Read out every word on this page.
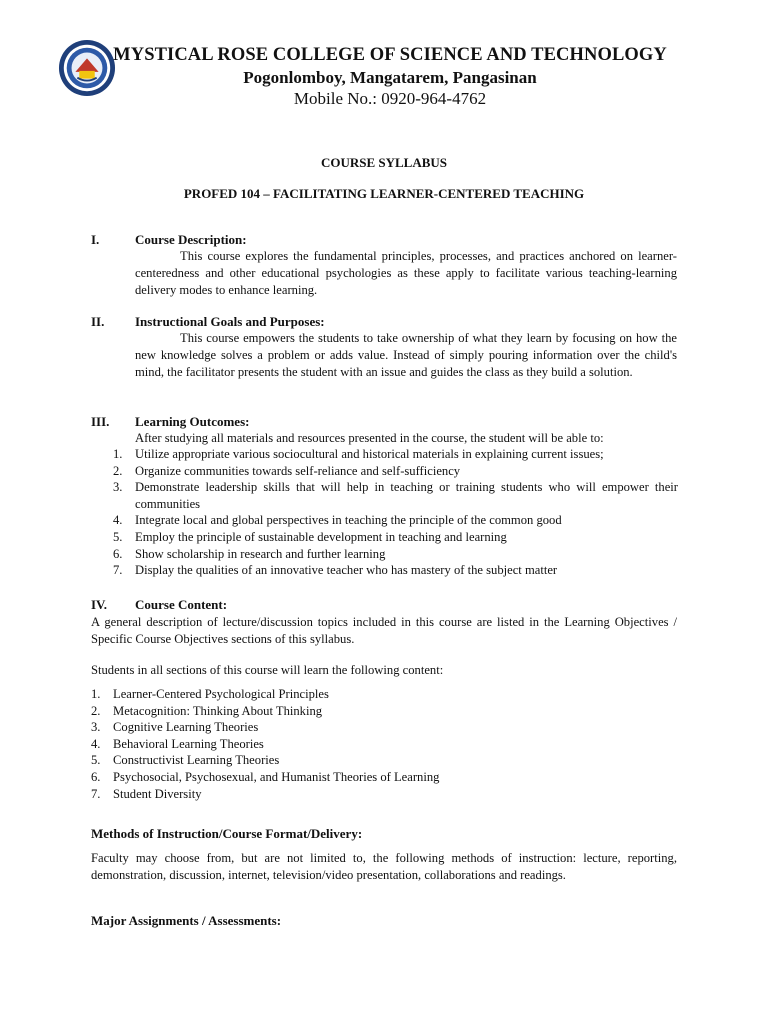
MYSTICAL ROSE COLLEGE OF SCIENCE AND TECHNOLOGY
Pogonlomboy, Mangatarem, Pangasinan
Mobile No.: 0920-964-4762
COURSE SYLLABUS
PROFED 104 – FACILITATING LEARNER-CENTERED TEACHING
I.	Course Description:
This course explores the fundamental principles, processes, and practices anchored on learner-centeredness and other educational psychologies as these apply to facilitate various teaching-learning delivery modes to enhance learning.
II. Instructional Goals and Purposes:
This course empowers the students to take ownership of what they learn by focusing on how the new knowledge solves a problem or adds value. Instead of simply pouring information over the child's mind, the facilitator presents the student with an issue and guides the class as they build a solution.
III. Learning Outcomes:
After studying all materials and resources presented in the course, the student will be able to:
1. Utilize appropriate various sociocultural and historical materials in explaining current issues;
2. Organize communities towards self-reliance and self-sufficiency
3. Demonstrate leadership skills that will help in teaching or training students who will empower their communities
4. Integrate local and global perspectives in teaching the principle of the common good
5. Employ the principle of sustainable development in teaching and learning
6. Show scholarship in research and further learning
7. Display the qualities of an innovative teacher who has mastery of the subject matter
IV. Course Content:
A general description of lecture/discussion topics included in this course are listed in the Learning Objectives / Specific Course Objectives sections of this syllabus.
Students in all sections of this course will learn the following content:
1. Learner-Centered Psychological Principles
2. Metacognition: Thinking About Thinking
3. Cognitive Learning Theories
4. Behavioral Learning Theories
5. Constructivist Learning Theories
6. Psychosocial, Psychosexual, and Humanist Theories of Learning
7. Student Diversity
Methods of Instruction/Course Format/Delivery:
Faculty may choose from, but are not limited to, the following methods of instruction: lecture, reporting, demonstration, discussion, internet, television/video presentation, collaborations and readings.
Major Assignments / Assessments:
